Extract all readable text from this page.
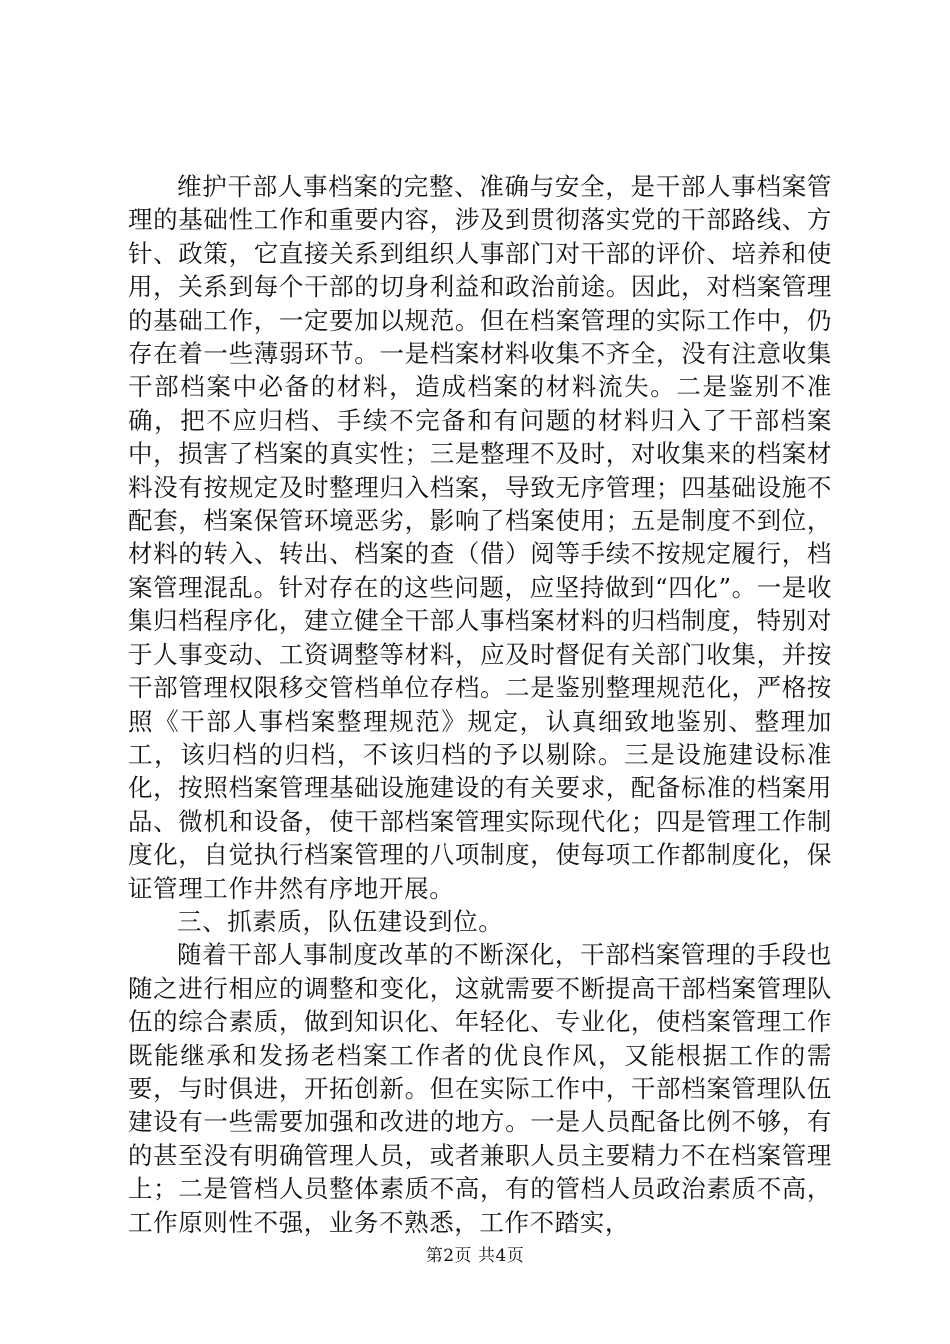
维护干部人事档案的完整、准确与安全，是干部人事档案管理的基础性工作和重要内容，涉及到贯彻落实党的干部路线、方针、政策，它直接关系到组织人事部门对干部的评价、培养和使用，关系到每个干部的切身利益和政治前途。因此，对档案管理的基础工作，一定要加以规范。但在档案管理的实际工作中，仍存在着一些薄弱环节。一是档案材料收集不齐全，没有注意收集干部档案中必备的材料，造成档案的材料流失。二是鉴别不准确，把不应归档、手续不完备和有问题的材料归入了干部档案中，损害了档案的真实性；三是整理不及时，对收集来的档案材料没有按规定及时整理归入档案，导致无序管理；四基础设施不配套，档案保管环境恶劣，影响了档案使用；五是制度不到位，材料的转入、转出、档案的查（借）阅等手续不按规定履行，档案管理混乱。针对存在的这些问题，应坚持做到“四化”。一是收集归档程序化，建立健全干部人事档案材料的归档制度，特别对于人事变动、工资调整等材料，应及时督促有关部门收集，并按干部管理权限移交管档单位存档。二是鉴别整理规范化，严格按照《干部人事档案整理规范》规定，认真细致地鉴别、整理加工，该归档的归档，不该归档的予以剔除。三是设施建设标准化，按照档案管理基础设施建设的有关要求，配备标准的档案用品、微机和设备，使干部档案管理实际现代化；四是管理工作制度化，自觉执行档案管理的八项制度，使每项工作都制度化，保证管理工作井然有序地开展。

三、抓素质，队伍建设到位。

随着干部人事制度改革的不断深化，干部档案管理的手段也随之进行相应的调整和变化，这就需要不断提高干部档案管理队伍的综合素质，做到知识化、年轻化、专业化，使档案管理工作既能继承和发扬老档案工作者的优良作风，又能根据工作的需要，与时俱进，开拓创新。但在实际工作中，干部档案管理队伍建设有一些需要加强和改进的地方。一是人员配备比例不够，有的甚至没有明确管理人员，或者兼职人员主要精力不在档案管理上；二是管档人员整体素质不高，有的管档人员政治素质不高，工作原则性不强，业务不熟悉，工作不踏实，

第2页 共4页
